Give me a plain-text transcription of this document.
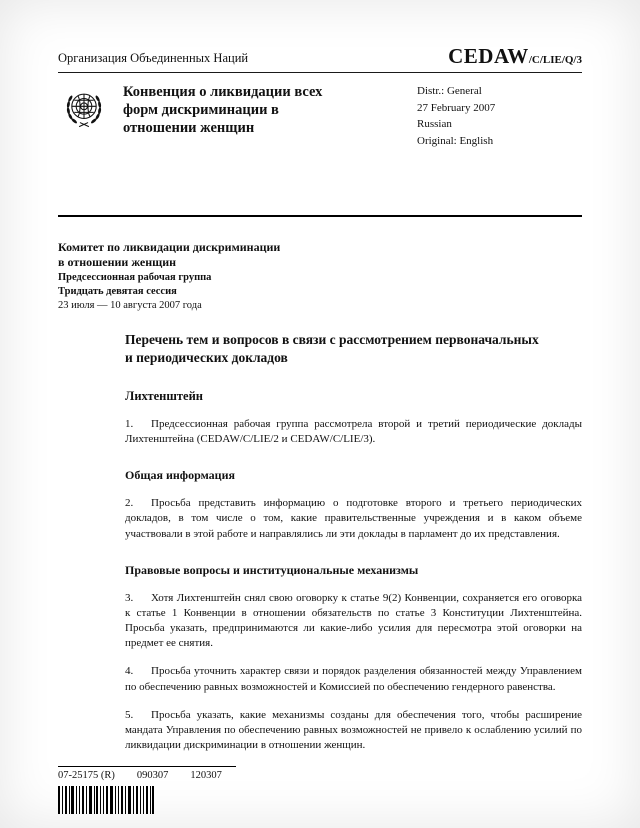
Организация Объединенных Наций	CEDAW/C/LIE/Q/3
Конвенция о ликвидации всех форм дискриминации в отношении женщин
Distr.: General
27 February 2007
Russian
Original: English
Комитет по ликвидации дискриминации
в отношении женщин
Предсессионная рабочая группа
Тридцать девятая сессия
23 июля — 10 августа 2007 года
Перечень тем и вопросов в связи с рассмотрением первоначальных и периодических докладов
Лихтенштейн

1. Предсессионная рабочая группа рассмотрела второй и третий периодические доклады Лихтенштейна (CEDAW/C/LIE/2 и CEDAW/C/LIE/3).

Общая информация

2. Просьба представить информацию о подготовке второго и третьего периодических докладов, в том числе о том, какие правительственные учреждения и в каком объеме участвовали в этой работе и направлялись ли эти доклады в парламент до их представления.

Правовые вопросы и институциональные механизмы

3. Хотя Лихтенштейн снял свою оговорку к статье 9(2) Конвенции, сохраняется его оговорка к статье 1 Конвенции в отношении обязательств по статье 3 Конституции Лихтенштейна. Просьба указать, предпринимаются ли какие-либо усилия для пересмотра этой оговорки на предмет ее снятия.

4. Просьба уточнить характер связи и порядок разделения обязанностей между Управлением по обеспечению равных возможностей и Комиссией по обеспечению гендерного равенства.

5. Просьба указать, какие механизмы созданы для обеспечения того, чтобы расширение мандата Управления по обеспечению равных возможностей не привело к ослаблению усилий по ликвидации дискриминации в отношении женщин.

07-25175 (R) 090307 120307
